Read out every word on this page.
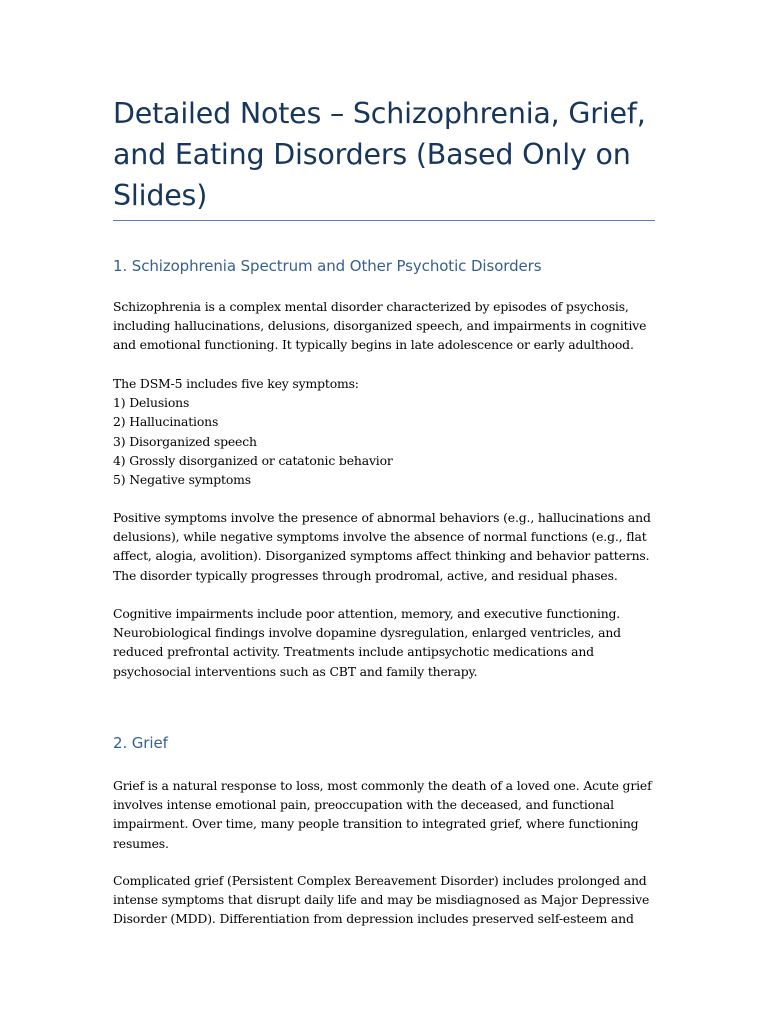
Detailed Notes – Schizophrenia, Grief, and Eating Disorders (Based Only on Slides)
1. Schizophrenia Spectrum and Other Psychotic Disorders

Schizophrenia is a complex mental disorder characterized by episodes of psychosis, including hallucinations, delusions, disorganized speech, and impairments in cognitive and emotional functioning. It typically begins in late adolescence or early adulthood.

The DSM-5 includes five key symptoms:
1) Delusions
2) Hallucinations
3) Disorganized speech
4) Grossly disorganized or catatonic behavior
5) Negative symptoms

Positive symptoms involve the presence of abnormal behaviors (e.g., hallucinations and delusions), while negative symptoms involve the absence of normal functions (e.g., flat affect, alogia, avolition). Disorganized symptoms affect thinking and behavior patterns. The disorder typically progresses through prodromal, active, and residual phases.

Cognitive impairments include poor attention, memory, and executive functioning. Neurobiological findings involve dopamine dysregulation, enlarged ventricles, and reduced prefrontal activity. Treatments include antipsychotic medications and psychosocial interventions such as CBT and family therapy.

2. Grief

Grief is a natural response to loss, most commonly the death of a loved one. Acute grief involves intense emotional pain, preoccupation with the deceased, and functional impairment. Over time, many people transition to integrated grief, where functioning resumes.

Complicated grief (Persistent Complex Bereavement Disorder) includes prolonged and intense symptoms that disrupt daily life and may be misdiagnosed as Major Depressive Disorder (MDD). Differentiation from depression includes preserved self-esteem and
